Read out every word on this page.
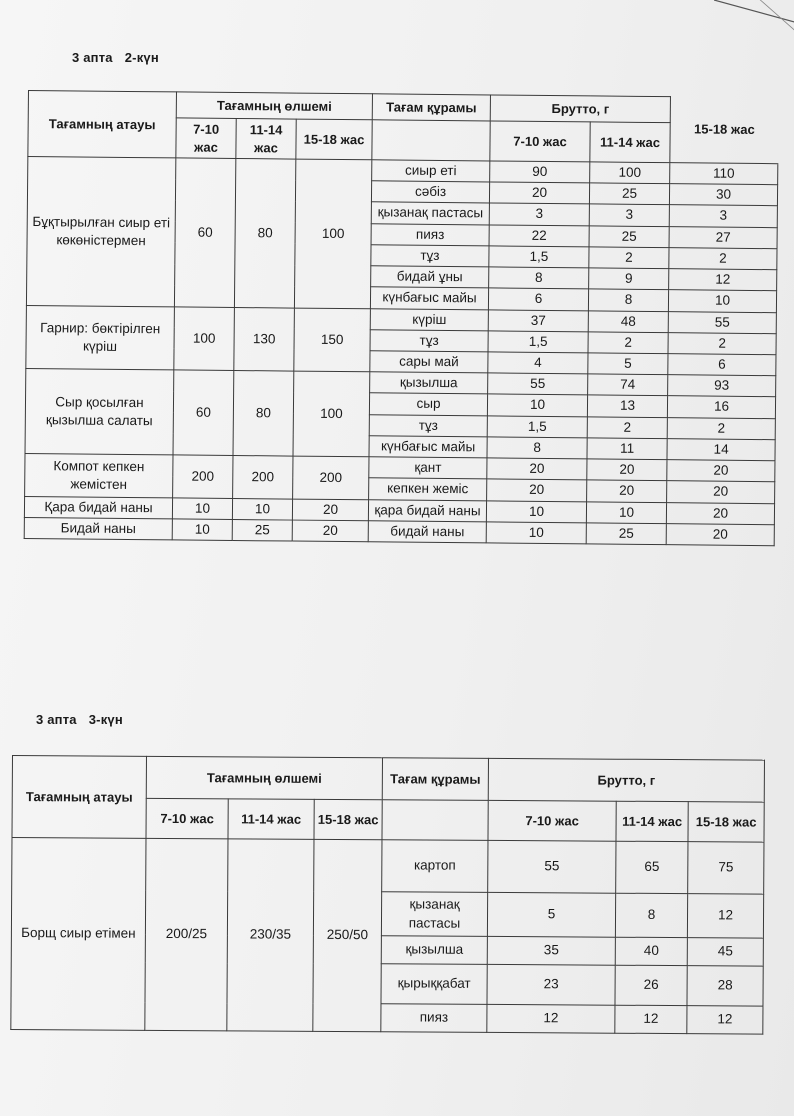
3 апта 2-күн
Тағамның атауы	Тағамның өлшемі			Тағам құрамы	Брутто, г		15-18 жас
	7-10 жас	11-14 жас	15-18 жас		7-10 жас	11-14 жас	
Бұқтырылған сиыр еті көкөністермен	60	80	100	сиыр еті	90	100	110
				сәбіз	20	25	30
				қызанақ пастасы	3	3	3
				пияз	22	25	27
				тұз	1,5	2	2
				бидай ұны	8	9	12
				күнбағыс майы	6	8	10
Гарнир: бөктірілген күріш	100	130	150	күріш	37	48	55
				тұз	1,5	2	2
				сары май	4	5	6
Сыр қосылған қызылша салаты	60	80	100	қызылша	55	74	93
				сыр	10	13	16
				тұз	1,5	2	2
				күнбағыс майы	8	11	14
Компот кепкен жемістен	200	200	200	қант	20	20	20
				кепкен жеміс	20	20	20
Қара бидай наны	10	10	20	қара бидай наны	10	10	20
Бидай наны	10	25	20	бидай наны	10	25	20
3 апта 3-күн
Тағамның атауы	Тағамның өлшемі			Тағам құрамы	Брутто, г		
	7-10 жас	11-14 жас	15-18 жас		7-10 жас	11-14 жас	15-18 жас
Борщ сиыр етімен	200/25	230/35	250/50	картоп	55	65	75
				қызанақ пастасы	5	8	12
				қызылша	35	40	45
				қырыққабат	23	26	28
				пияз	12	12	12
